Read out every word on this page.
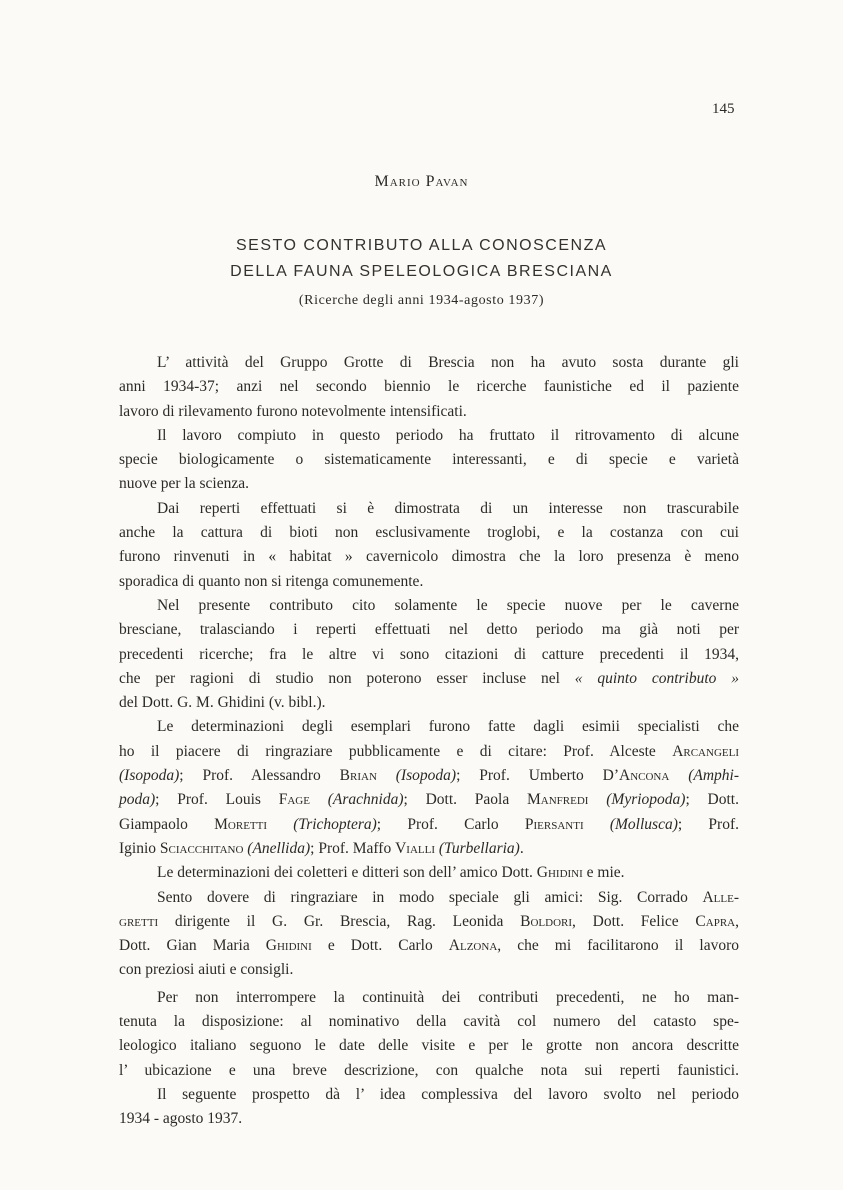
145
Mario Pavan
SESTO CONTRIBUTO ALLA CONOSCENZA
DELLA FAUNA SPELEOLOGICA BRESCIANA
(Ricerche degli anni 1934-agosto 1937)
L’ attività del Gruppo Grotte di Brescia non ha avuto sosta durante gli
anni 1934-37; anzi nel secondo biennio le ricerche faunistiche ed il paziente
lavoro di rilevamento furono notevolmente intensificati.
Il lavoro compiuto in questo periodo ha fruttato il ritrovamento di alcune
specie biologicamente o sistematicamente interessanti, e di specie e varietà
nuove per la scienza.
Dai reperti effettuati si è dimostrata di un interesse non trascurabile
anche la cattura di bioti non esclusivamente troglobi, e la costanza con cui
furono rinvenuti in « habitat » cavernicolo dimostra che la loro presenza è meno
sporadica di quanto non si ritenga comunemente.
Nel presente contributo cito solamente le specie nuove per le caverne
bresciane, tralasciando i reperti effettuati nel detto periodo ma già noti per
precedenti ricerche; fra le altre vi sono citazioni di catture precedenti il 1934,
che per ragioni di studio non poterono esser incluse nel « quinto contributo »
del Dott. G. M. Ghidini (v. bibl.).
Le determinazioni degli esemplari furono fatte dagli esimii specialisti che
ho il piacere di ringraziare pubblicamente e di citare: Prof. Alceste Arcangeli
(Isopoda); Prof. Alessandro Brian (Isopoda); Prof. Umberto D’Ancona (Amphi-
poda); Prof. Louis Fage (Arachnida); Dott. Paola Manfredi (Myriopoda); Dott.
Giampaolo Moretti (Trichoptera); Prof. Carlo Piersanti (Mollusca); Prof.
Iginio Sciacchitano (Anellida); Prof. Maffo Vialli (Turbellaria).
Le determinazioni dei coletteri e ditteri son dell’ amico Dott. Ghidini e mie.
Sento dovere di ringraziare in modo speciale gli amici: Sig. Corrado Alle-
gretti dirigente il G. Gr. Brescia, Rag. Leonida Boldori, Dott. Felice Capra,
Dott. Gian Maria Ghidini e Dott. Carlo Alzona, che mi facilitarono il lavoro
con preziosi aiuti e consigli.
Per non interrompere la continuità dei contributi precedenti, ne ho man-
tenuta la disposizione: al nominativo della cavità col numero del catasto spe-
leologico italiano seguono le date delle visite e per le grotte non ancora descritte
l’ ubicazione e una breve descrizione, con qualche nota sui reperti faunistici.
Il seguente prospetto dà l’ idea complessiva del lavoro svolto nel periodo
1934 - agosto 1937.
